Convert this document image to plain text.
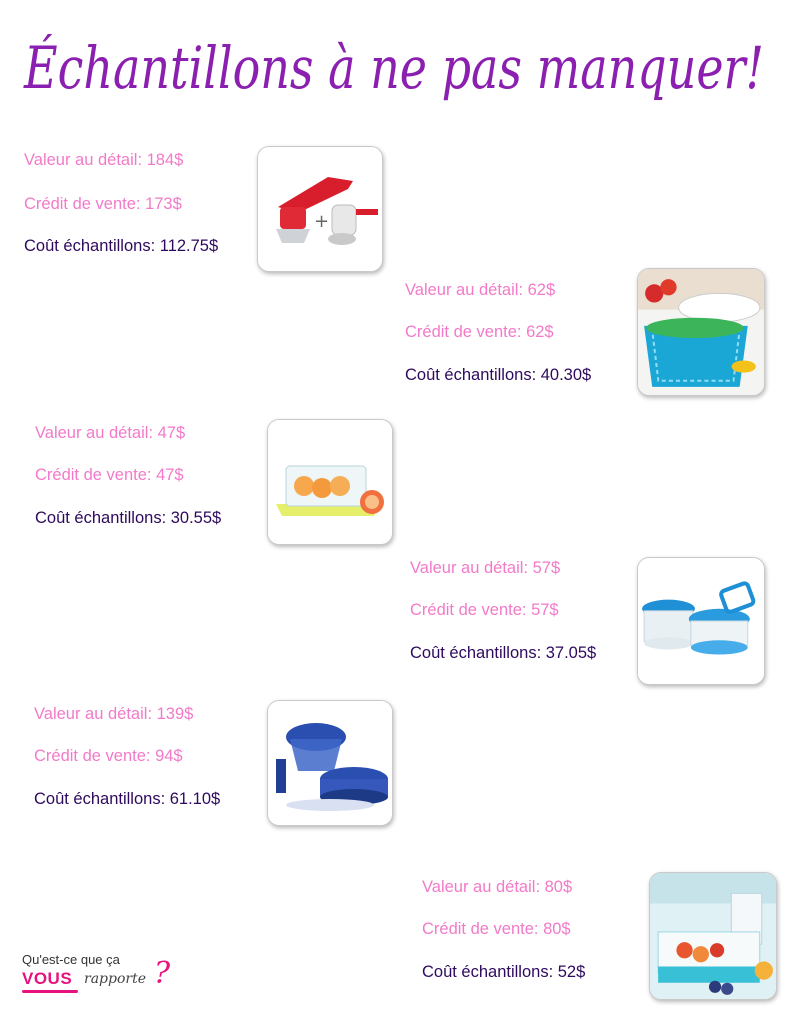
Échantillons à ne pas manquer!
Valeur au détail: 184$
Crédit de vente: 173$
Coût échantillons: 112.75$
+
Valeur au détail: 62$
Crédit de vente: 62$
Coût échantillons: 40.30$
Valeur au détail: 47$
Crédit de vente: 47$
Coût échantillons: 30.55$
Valeur au détail: 57$
Crédit de vente: 57$
Coût échantillons: 37.05$
Valeur au détail: 139$
Crédit de vente: 94$
Coût échantillons: 61.10$
Valeur au détail: 80$
Crédit de vente: 80$
Coût échantillons: 52$
Qu'est-ce que ça
VOUS rapporte ?
